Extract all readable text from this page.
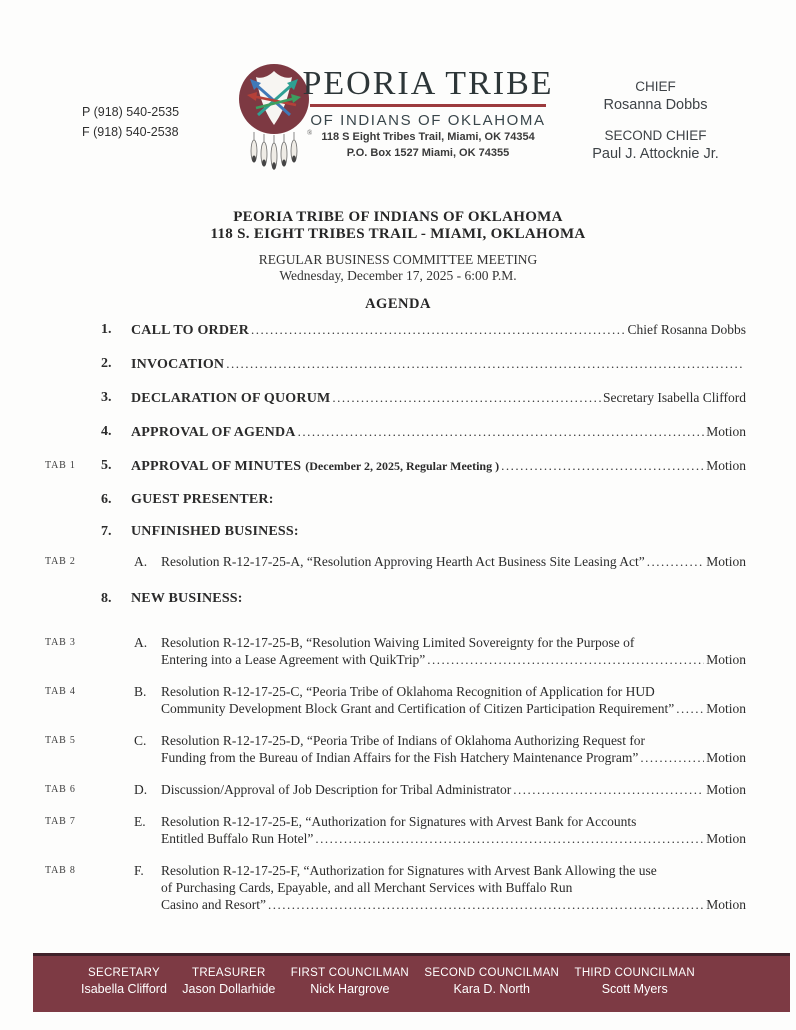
P (918) 540-2535
F (918) 540-2538	®
PEORIA TRIBE
OF INDIANS OF OKLAHOMA
118 S Eight Tribes Trail, Miami, OK 74354
P.O. Box 1527 Miami, OK 74355
CHIEF
Rosanna Dobbs
SECOND CHIEF
Paul J. Attocknie Jr.
PEORIA TRIBE OF INDIANS OF OKLAHOMA
118 S. EIGHT TRIBES TRAIL - MIAMI, OKLAHOMA
REGULAR BUSINESS COMMITTEE MEETING
Wednesday, December 17, 2025 - 6:00 P.M.
AGENDA
1.	CALL TO ORDER .....	Chief Rosanna Dobbs
2.	INVOCATION
.....
3.	DECLARATION OF QUORUM .....	Secretary Isabella Clifford
4.	APPROVAL OF AGENDA .....	Motion
TAB 1	5.	APPROVAL OF MINUTES (December 2, 2025, Regular Meeting ) .....	Motion
6.	GUEST PRESENTER:
7.	UNFINISHED BUSINESS:
TAB 2	A.	Resolution R-12-17-25-A, “Resolution Approving Hearth Act Business Site Leasing Act” .....	Motion
8.	NEW BUSINESS:
TAB 3	A.	Resolution R-12-17-25-B, “Resolution Waiving Limited Sovereignty for the Purpose of
Entering into a Lease Agreement with QuikTrip” .....	Motion
TAB 4	B.	Resolution R-12-17-25-C, “Peoria Tribe of Oklahoma Recognition of Application for HUD
Community Development Block Grant and Certification of Citizen Participation Requirement” ..... Motion
TAB 5	C.	Resolution R-12-17-25-D, “Peoria Tribe of Indians of Oklahoma Authorizing Request for
Funding from the Bureau of Indian Affairs for the Fish Hatchery Maintenance Program” .....	Motion
TAB 6	D.	Discussion/Approval of Job Description for Tribal Administrator .....	Motion
TAB 7	E.	Resolution R-12-17-25-E, “Authorization for Signatures with Arvest Bank for Accounts
Entitled Buffalo Run Hotel” .....	Motion
TAB 8	F.	Resolution R-12-17-25-F, “Authorization for Signatures with Arvest Bank Allowing the use
of Purchasing Cards, Epayable, and all Merchant Services with Buffalo Run
Casino and Resort” .....	Motion
SECRETARY
Isabella Clifford
TREASURER
Jason Dollarhide
FIRST COUNCILMAN
Nick Hargrove
SECOND COUNCILMAN
Kara D. North
THIRD COUNCILMAN
Scott Myers
